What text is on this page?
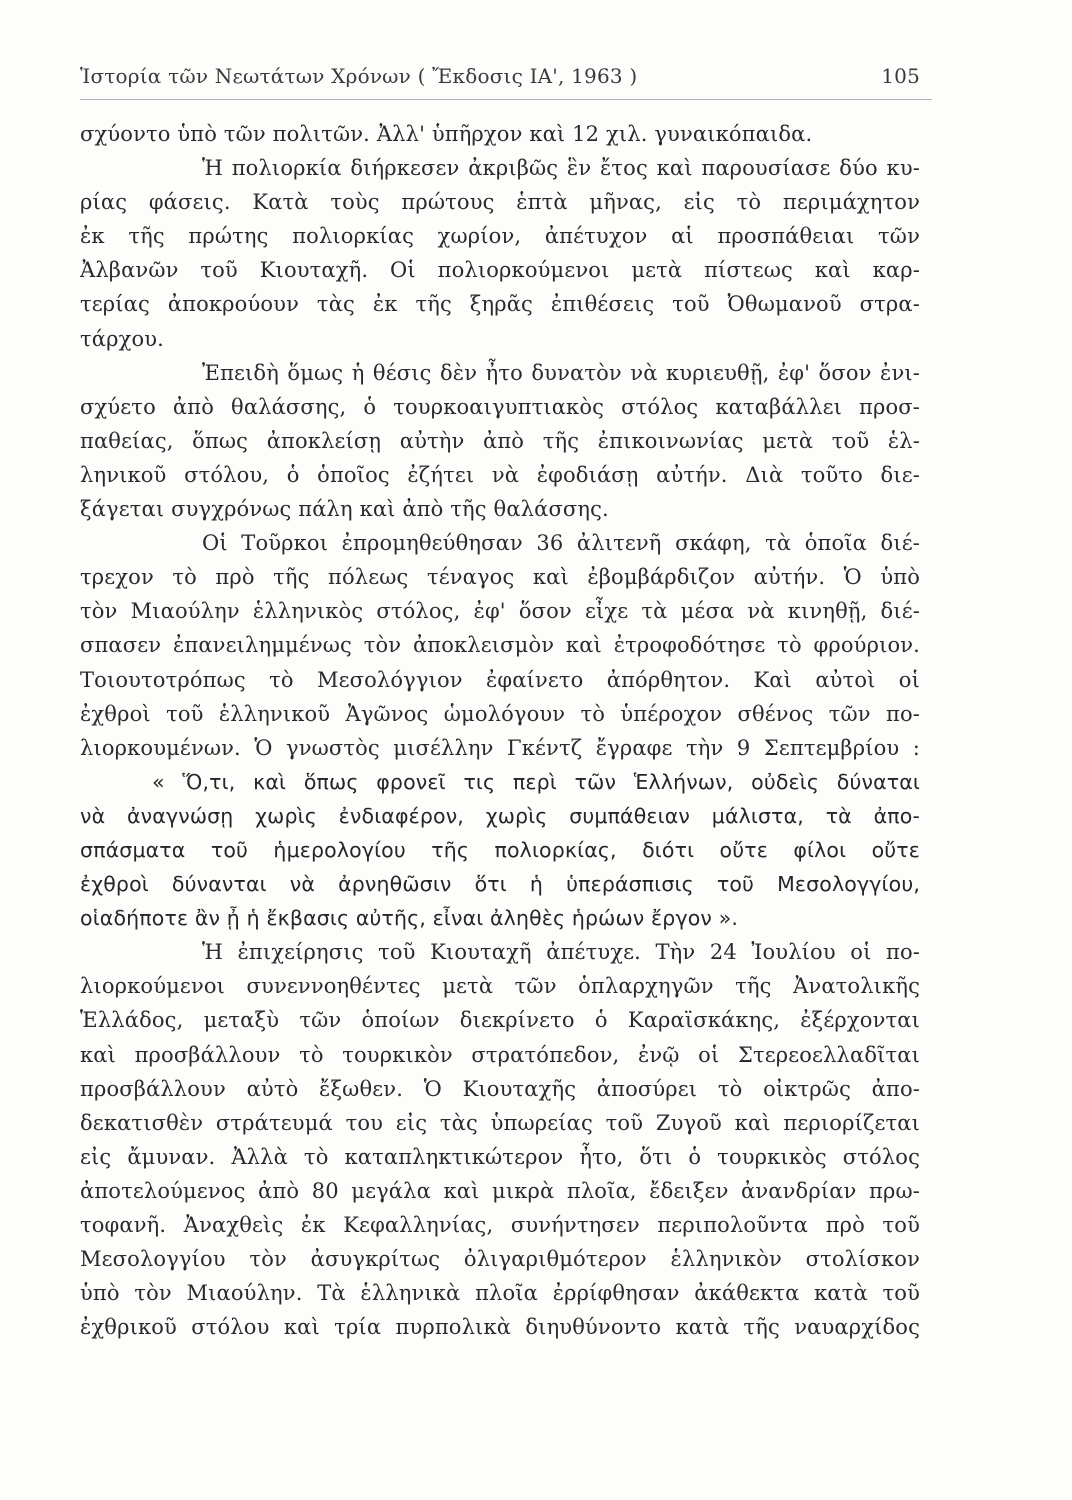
Ἱστορία τῶν Νεωτάτων Χρόνων ( Ἔκδοσις ΙΑ', 1963 )	105
σχύοντο ὑπὸ τῶν πολιτῶν. Ἀλλ' ὑπῆρχον καὶ 12 χιλ. γυναικόπαιδα.
Ἡ πολιορκία διήρκεσεν ἀκριβῶς ἓν ἔτος καὶ παρουσίασε δύο κυ-
ρίας φάσεις. Κατὰ τοὺς πρώτους ἑπτὰ μῆνας, εἰς τὸ περιμάχητον
ἐκ τῆς πρώτης πολιορκίας χωρίον, ἀπέτυχον αἱ προσπάθειαι τῶν
Ἀλβανῶν τοῦ Κιουταχῆ. Οἱ πολιορκούμενοι μετὰ πίστεως καὶ καρ-
τερίας ἀποκρούουν τὰς ἐκ τῆς ξηρᾶς ἐπιθέσεις τοῦ Ὀθωμανοῦ στρα-
τάρχου.
Ἐπειδὴ ὅμως ἡ θέσις δὲν ἦτο δυνατὸν νὰ κυριευθῇ, ἐφ' ὅσον ἐνι-
σχύετο ἀπὸ θαλάσσης, ὁ τουρκοαιγυπτιακὸς στόλος καταβάλλει προσ-
παθείας, ὅπως ἀποκλείσῃ αὐτὴν ἀπὸ τῆς ἐπικοινωνίας μετὰ τοῦ ἑλ-
ληνικοῦ στόλου, ὁ ὁποῖος ἐζήτει νὰ ἐφοδιάσῃ αὐτήν. Διὰ τοῦτο διε-
ξάγεται συγχρόνως πάλη καὶ ἀπὸ τῆς θαλάσσης.
Οἱ Τοῦρκοι ἐπρομηθεύθησαν 36 ἀλιτενῆ σκάφη, τὰ ὁποῖα διέ-
τρεχον τὸ πρὸ τῆς πόλεως τέναγος καὶ ἐβομβάρδιζον αὐτήν. Ὁ ὑπὸ
τὸν Μιαούλην ἑλληνικὸς στόλος, ἐφ' ὅσον εἶχε τὰ μέσα νὰ κινηθῇ, διέ-
σπασεν ἐπανειλημμένως τὸν ἀποκλεισμὸν καὶ ἐτροφοδότησε τὸ φρούριον.
Τοιουτοτρόπως τὸ Μεσολόγγιον ἐφαίνετο ἀπόρθητον. Καὶ αὐτοὶ οἱ
ἐχθροὶ τοῦ ἑλληνικοῦ Ἀγῶνος ὡμολόγουν τὸ ὑπέροχον σθένος τῶν πο-
λιορκουμένων. Ὁ γνωστὸς μισέλλην Γκέντζ ἔγραφε τὴν 9 Σεπτεμβρίου :
« Ὅ,τι, καὶ ὅπως φρονεῖ τις περὶ τῶν Ἑλλήνων, οὐδεὶς δύναται
νὰ ἀναγνώσῃ χωρὶς ἐνδιαφέρον, χωρὶς συμπάθειαν μάλιστα, τὰ ἀπο-
σπάσματα τοῦ ἡμερολογίου τῆς πολιορκίας, διότι οὔτε φίλοι οὔτε
ἐχθροὶ δύνανται νὰ ἀρνηθῶσιν ὅτι ἡ ὑπεράσπισις τοῦ Μεσολογγίου,
οἱαδήποτε ἂν ᾖ ἡ ἔκβασις αὐτῆς, εἶναι ἀληθὲς ἡρώων ἔργον ».
Ἡ ἐπιχείρησις τοῦ Κιουταχῆ ἀπέτυχε. Τὴν 24 Ἰουλίου οἱ πο-
λιορκούμενοι συνεννοηθέντες μετὰ τῶν ὁπλαρχηγῶν τῆς Ἀνατολικῆς
Ἑλλάδος, μεταξὺ τῶν ὁποίων διεκρίνετο ὁ Καραϊσκάκης, ἐξέρχονται
καὶ προσβάλλουν τὸ τουρκικὸν στρατόπεδον, ἐνῷ οἱ Στερεοελλαδῖται
προσβάλλουν αὐτὸ ἔξωθεν. Ὁ Κιουταχῆς ἀποσύρει τὸ οἰκτρῶς ἀπο-
δεκατισθὲν στράτευμά του εἰς τὰς ὑπωρείας τοῦ Ζυγοῦ καὶ περιορίζεται
εἰς ἄμυναν. Ἀλλὰ τὸ καταπληκτικώτερον ἦτο, ὅτι ὁ τουρκικὸς στόλος
ἀποτελούμενος ἀπὸ 80 μεγάλα καὶ μικρὰ πλοῖα, ἔδειξεν ἀνανδρίαν πρω-
τοφανῆ. Ἀναχθεὶς ἐκ Κεφαλληνίας, συνήντησεν περιπολοῦντα πρὸ τοῦ
Μεσολογγίου τὸν ἀσυγκρίτως ὀλιγαριθμότερον ἑλληνικὸν στολίσκον
ὑπὸ τὸν Μιαούλην. Τὰ ἑλληνικὰ πλοῖα ἐρρίφθησαν ἀκάθεκτα κατὰ τοῦ
ἐχθρικοῦ στόλου καὶ τρία πυρπολικὰ διηυθύνοντο κατὰ τῆς ναυαρχίδος
